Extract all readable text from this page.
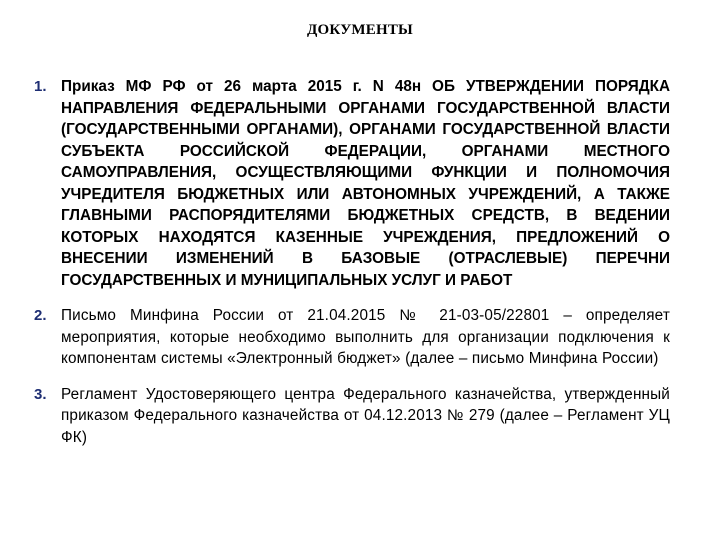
ДОКУМЕНТЫ
1. Приказ МФ РФ от 26 марта 2015 г. N 48н ОБ УТВЕРЖДЕНИИ ПОРЯДКА НАПРАВЛЕНИЯ ФЕДЕРАЛЬНЫМИ ОРГАНАМИ ГОСУДАРСТВЕННОЙ ВЛАСТИ (ГОСУДАРСТВЕННЫМИ ОРГАНАМИ), ОРГАНАМИ ГОСУДАРСТВЕННОЙ ВЛАСТИ СУБЪЕКТА РОССИЙСКОЙ ФЕДЕРАЦИИ, ОРГАНАМИ МЕСТНОГО САМОУПРАВЛЕНИЯ, ОСУЩЕСТВЛЯЮЩИМИ ФУНКЦИИ И ПОЛНОМОЧИЯ УЧРЕДИТЕЛЯ БЮДЖЕТНЫХ ИЛИ АВТОНОМНЫХ УЧРЕЖДЕНИЙ, А ТАКЖЕ ГЛАВНЫМИ РАСПОРЯДИТЕЛЯМИ БЮДЖЕТНЫХ СРЕДСТВ, В ВЕДЕНИИ КОТОРЫХ НАХОДЯТСЯ КАЗЕННЫЕ УЧРЕЖДЕНИЯ, ПРЕДЛОЖЕНИЙ О ВНЕСЕНИИ ИЗМЕНЕНИЙ В БАЗОВЫЕ (ОТРАСЛЕВЫЕ) ПЕРЕЧНИ ГОСУДАРСТВЕННЫХ И МУНИЦИПАЛЬНЫХ УСЛУГ И РАБОТ
2. Письмо Минфина России от 21.04.2015 № 21-03-05/22801 – определяет мероприятия, которые необходимо выполнить для организации подключения к компонентам системы «Электронный бюджет» (далее – письмо Минфина России)
3. Регламент Удостоверяющего центра Федерального казначейства, утвержденный приказом Федерального казначейства от 04.12.2013 № 279 (далее – Регламент УЦ ФК)
